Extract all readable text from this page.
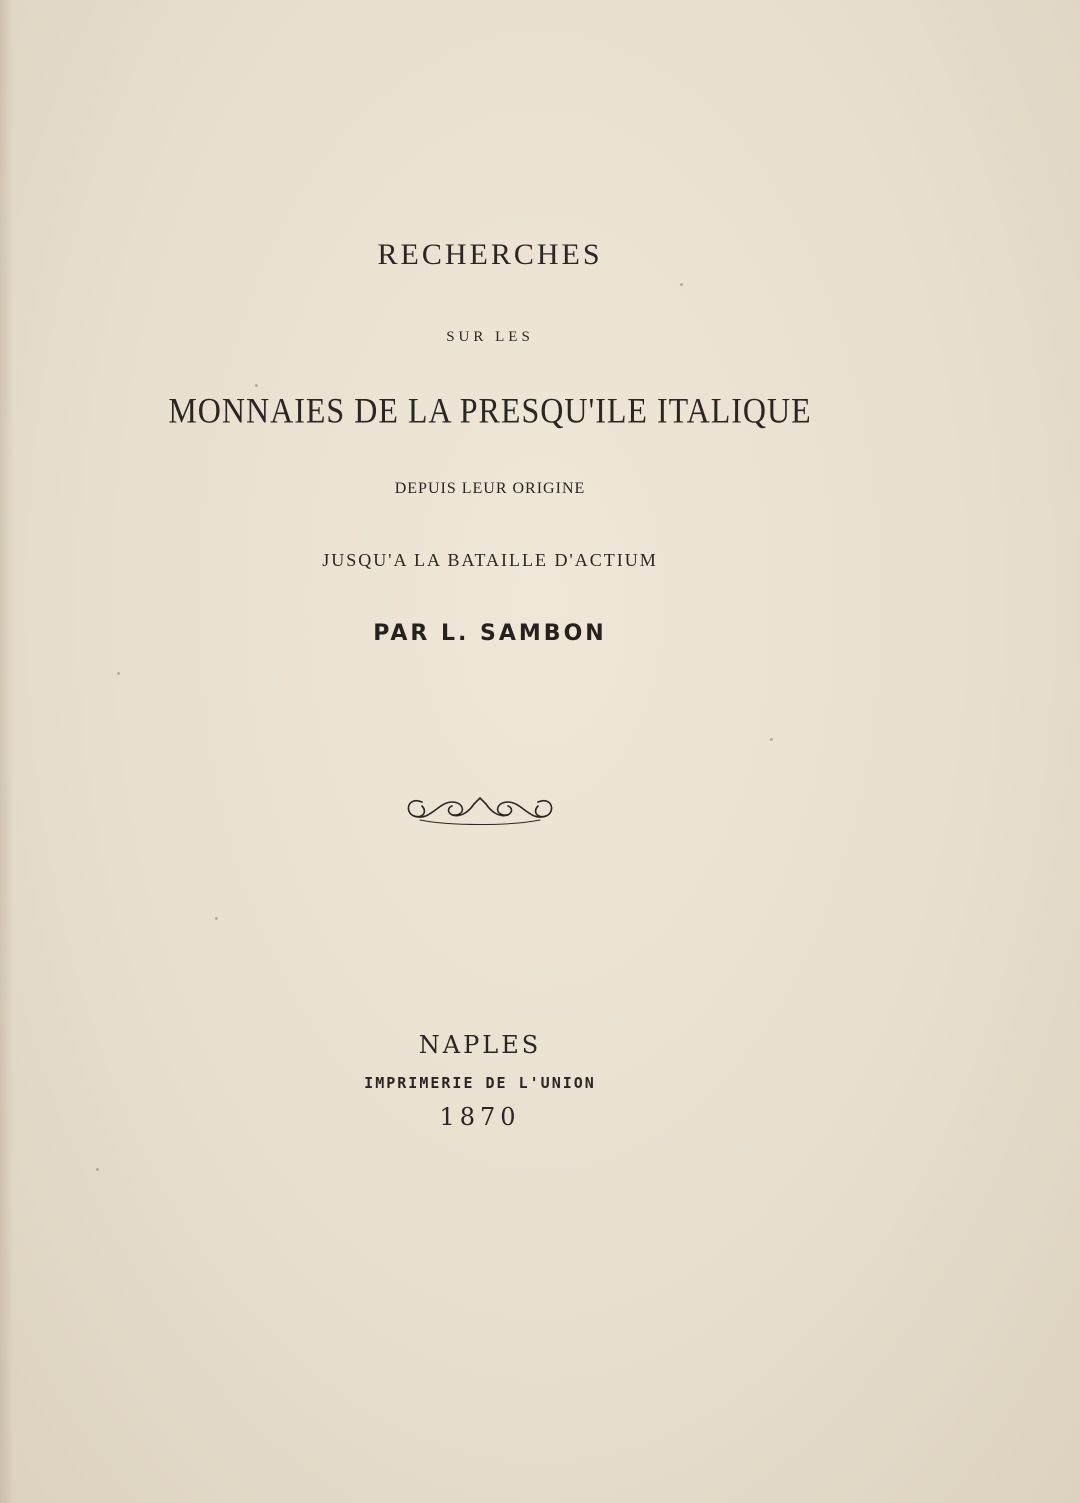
RECHERCHES
SUR LES
MONNAIES DE LA PRESQU'ILE ITALIQUE
DEPUIS LEUR ORIGINE
JUSQU'A LA BATAILLE D'ACTIUM
PAR L. SAMBON
NAPLES
IMPRIMERIE DE L'UNION
1870
